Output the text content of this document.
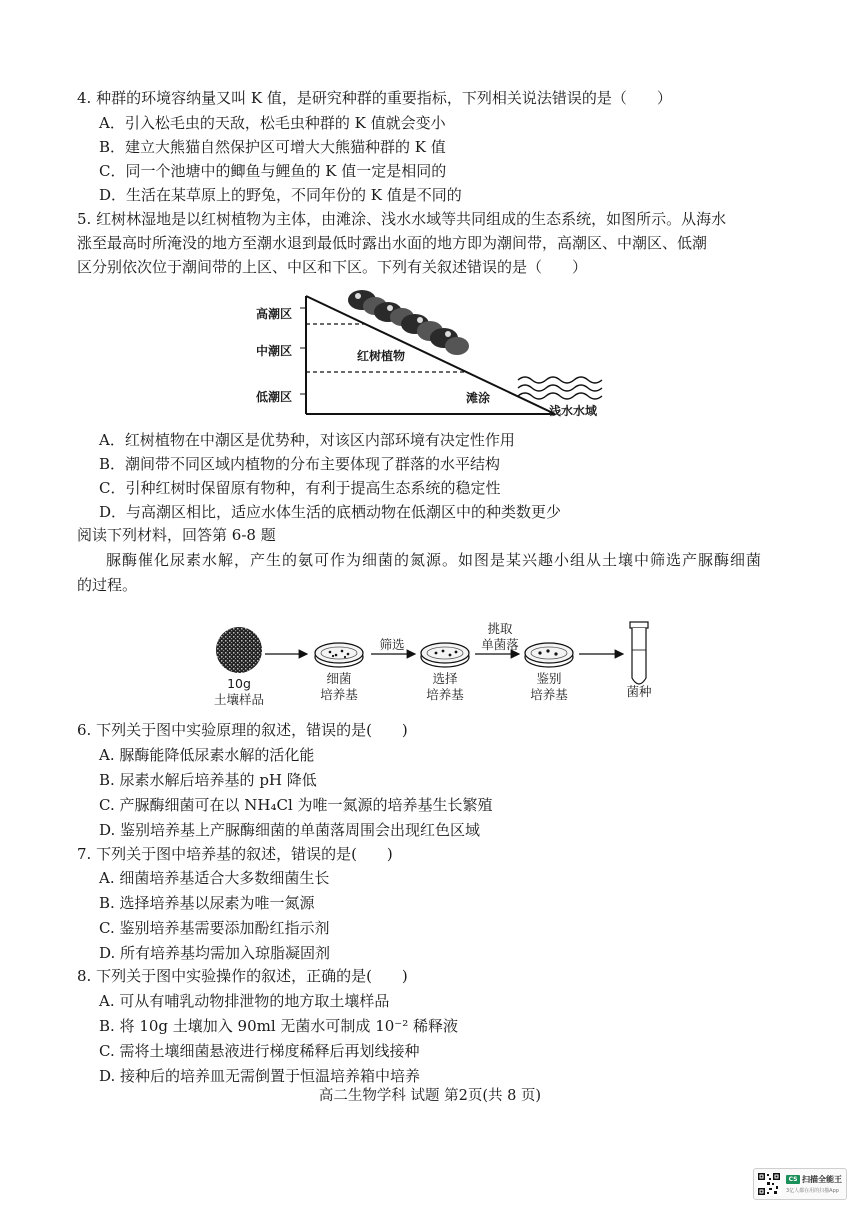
4. 种群的环境容纳量又叫 K 值，是研究种群的重要指标，下列相关说法错误的是（　　）
A．引入松毛虫的天敌，松毛虫种群的 K 值就会变小
B．建立大熊猫自然保护区可增大大熊猫种群的 K 值
C．同一个池塘中的鲫鱼与鲤鱼的 K 值一定是相同的
D．生活在某草原上的野兔，不同年份的 K 值是不同的
5. 红树林湿地是以红树植物为主体，由滩涂、浅水水域等共同组成的生态系统，如图所示。从海水
涨至最高时所淹没的地方至潮水退到最低时露出水面的地方即为潮间带，高潮区、中潮区、低潮
区分别依次位于潮间带的上区、中区和下区。下列有关叙述错误的是（　　）
高潮区
中潮区
低潮区
红树植物
滩涂
浅水水域
A．红树植物在中潮区是优势种，对该区内部环境有决定性作用
B．潮间带不同区域内植物的分布主要体现了群落的水平结构
C．引种红树时保留原有物种，有利于提高生态系统的稳定性
D．与高潮区相比，适应水体生活的底栖动物在低潮区中的种类数更少
阅读下列材料，回答第 6-8 题
脲酶催化尿素水解，产生的氨可作为细菌的氮源。如图是某兴趣小组从土壤中筛选产脲酶细菌
的过程。
10g
土壤样品
细菌
培养基
筛选
选择
培养基
挑取
单菌落
鉴别
培养基	菌种
6. 下列关于图中实验原理的叙述，错误的是(　　)
A. 脲酶能降低尿素水解的活化能
B. 尿素水解后培养基的 pH 降低
C. 产脲酶细菌可在以 NH₄Cl 为唯一氮源的培养基生长繁殖
D. 鉴别培养基上产脲酶细菌的单菌落周围会出现红色区域
7. 下列关于图中培养基的叙述，错误的是(　　)
A. 细菌培养基适合大多数细菌生长
B. 选择培养基以尿素为唯一氮源
C. 鉴别培养基需要添加酚红指示剂
D. 所有培养基均需加入琼脂凝固剂
8. 下列关于图中实验操作的叙述，正确的是(　　)
A. 可从有哺乳动物排泄物的地方取土壤样品
B. 将 10g 土壤加入 90ml 无菌水可制成 10⁻² 稀释液
C. 需将土壤细菌悬液进行梯度稀释后再划线接种
D. 接种后的培养皿无需倒置于恒温培养箱中培养
高二生物学科 试题 第2页(共 8 页)
CS 扫描全能王
3亿人都在用的扫描App
